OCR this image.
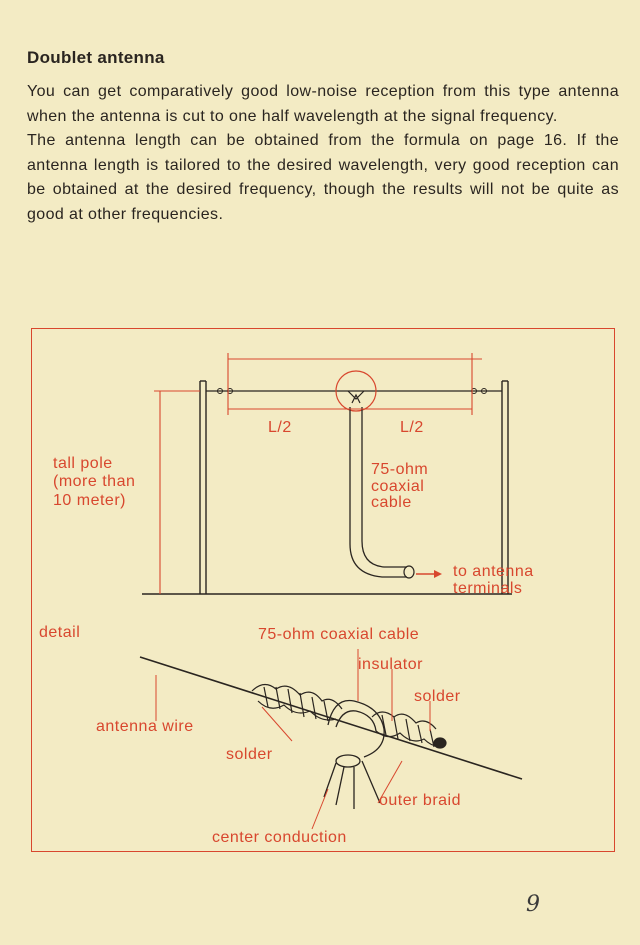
Doublet antenna

You can get comparatively good low-noise reception from this type antenna when the antenna is cut to one half wavelength at the signal frequency.

The antenna length can be obtained from the formula on page 16. If the antenna length is tailored to the desired wavelength, very good reception can be obtained at the desired frequency, though the results will not be quite as good at other frequencies.

L/2	L/2
tall pole
(more than
10 meter)
75-ohm
coaxial
cable
to antenna
terminals
detail	75-ohm coaxial cable
insulator
solder
antenna wire
solder
outer braid
center conduction
9
